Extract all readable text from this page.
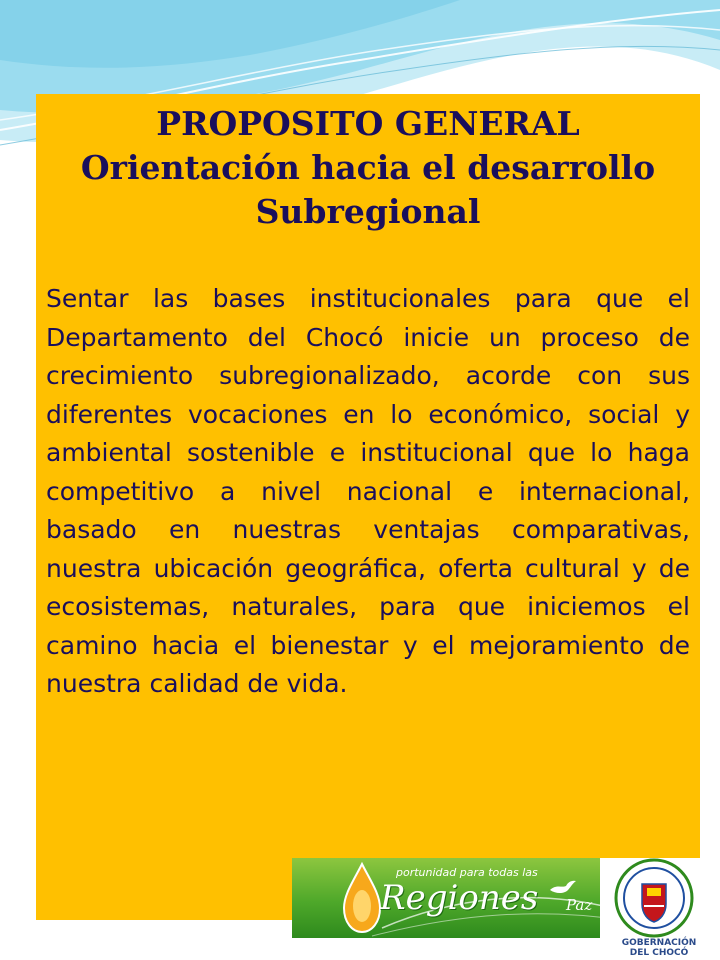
PROPOSITO GENERAL
Orientación hacia el desarrollo
Subregional

Sentar las bases institucionales para que el Departamento del Chocó inicie un proceso de crecimiento subregionalizado, acorde con sus diferentes vocaciones en lo económico, social y ambiental sostenible e institucional que lo haga competitivo a nivel nacional e internacional, basado en nuestras ventajas comparativas, nuestra ubicación geográfica, oferta cultural y de ecosistemas, naturales, para que iniciemos el camino hacia el bienestar y el mejoramiento de nuestra calidad de vida.

portunidad para todas las
Regiones Paz
GOBERNACIÓN
DEL CHOCÓ
